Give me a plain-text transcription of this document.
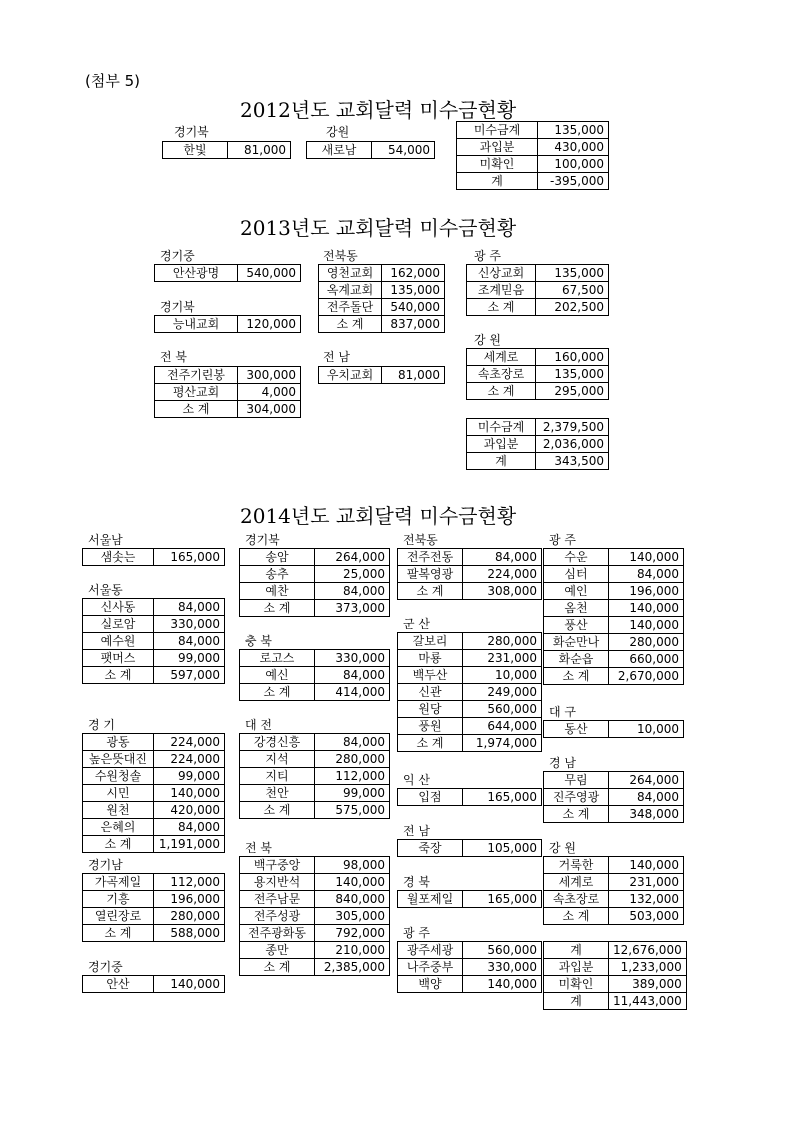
(첨부 5)
2012년도 교회달력 미수금현황
경기북
한빛	81,000
강원
새로남	54,000
미수금계	135,000
과입분	430,000
미확인	100,000
계	-395,000
2013년도 교회달력 미수금현황
경기중
안산광명	540,000
경기북
능내교회	120,000
전 북
전주기린봉	300,000
평산교회	4,000
소 계	304,000
전북동
영천교회	162,000
옥계교회	135,000
전주돌단	540,000
소 계	837,000
전 남
우치교회	81,000
광 주
신상교회	135,000
조계믿음	67,500
소 계	202,500
강 원
세계로	160,000
속초장로	135,000
소 계	295,000
미수금계	2,379,500
과입분	2,036,000
계	343,500
2014년도 교회달력 미수금현황
서울남
샘솟는	165,000
서울동
신사동	84,000
실로암	330,000
예수원	84,000
팻머스	99,000
소 계	597,000
경 기
광동	224,000
높은뜻대진	224,000
수원청솔	99,000
시민	140,000
원천	420,000
은혜의	84,000
소 계	1,191,000
경기남
가곡제일	112,000
기흥	196,000
열린장로	280,000
소 계	588,000
경기중
안산	140,000
경기북
송암	264,000
송추	25,000
예찬	84,000
소 계	373,000
충 북
로고스	330,000
예신	84,000
소 계	414,000
대 전
강경신흥	84,000
지석	280,000
지티	112,000
천안	99,000
소 계	575,000
전 북
백구중앙	98,000
용지반석	140,000
전주남문	840,000
전주성광	305,000
전주광화동	792,000
종만	210,000
소 계	2,385,000
전북동
전주전동	84,000
팔복영광	224,000
소 계	308,000
군 산
갈보리	280,000
마룡	231,000
백두산	10,000
신관	249,000
원당	560,000
풍원	644,000
소 계	1,974,000
익 산
입점	165,000
전 남
죽장	105,000
경 북
월포제일	165,000
광 주
광주세광	560,000
나주중부	330,000
백양	140,000
광 주
수운	140,000
심터	84,000
예인	196,000
옴천	140,000
풍산	140,000
화순만나	280,000
화순읍	660,000
소 계	2,670,000
대 구
동산	10,000
경 남
무림	264,000
진주영광	84,000
소 계	348,000
강 원
거룩한	140,000
세계로	231,000
속초장로	132,000
소 계	503,000
계	12,676,000
과입분	1,233,000
미확인	389,000
계	11,443,000
